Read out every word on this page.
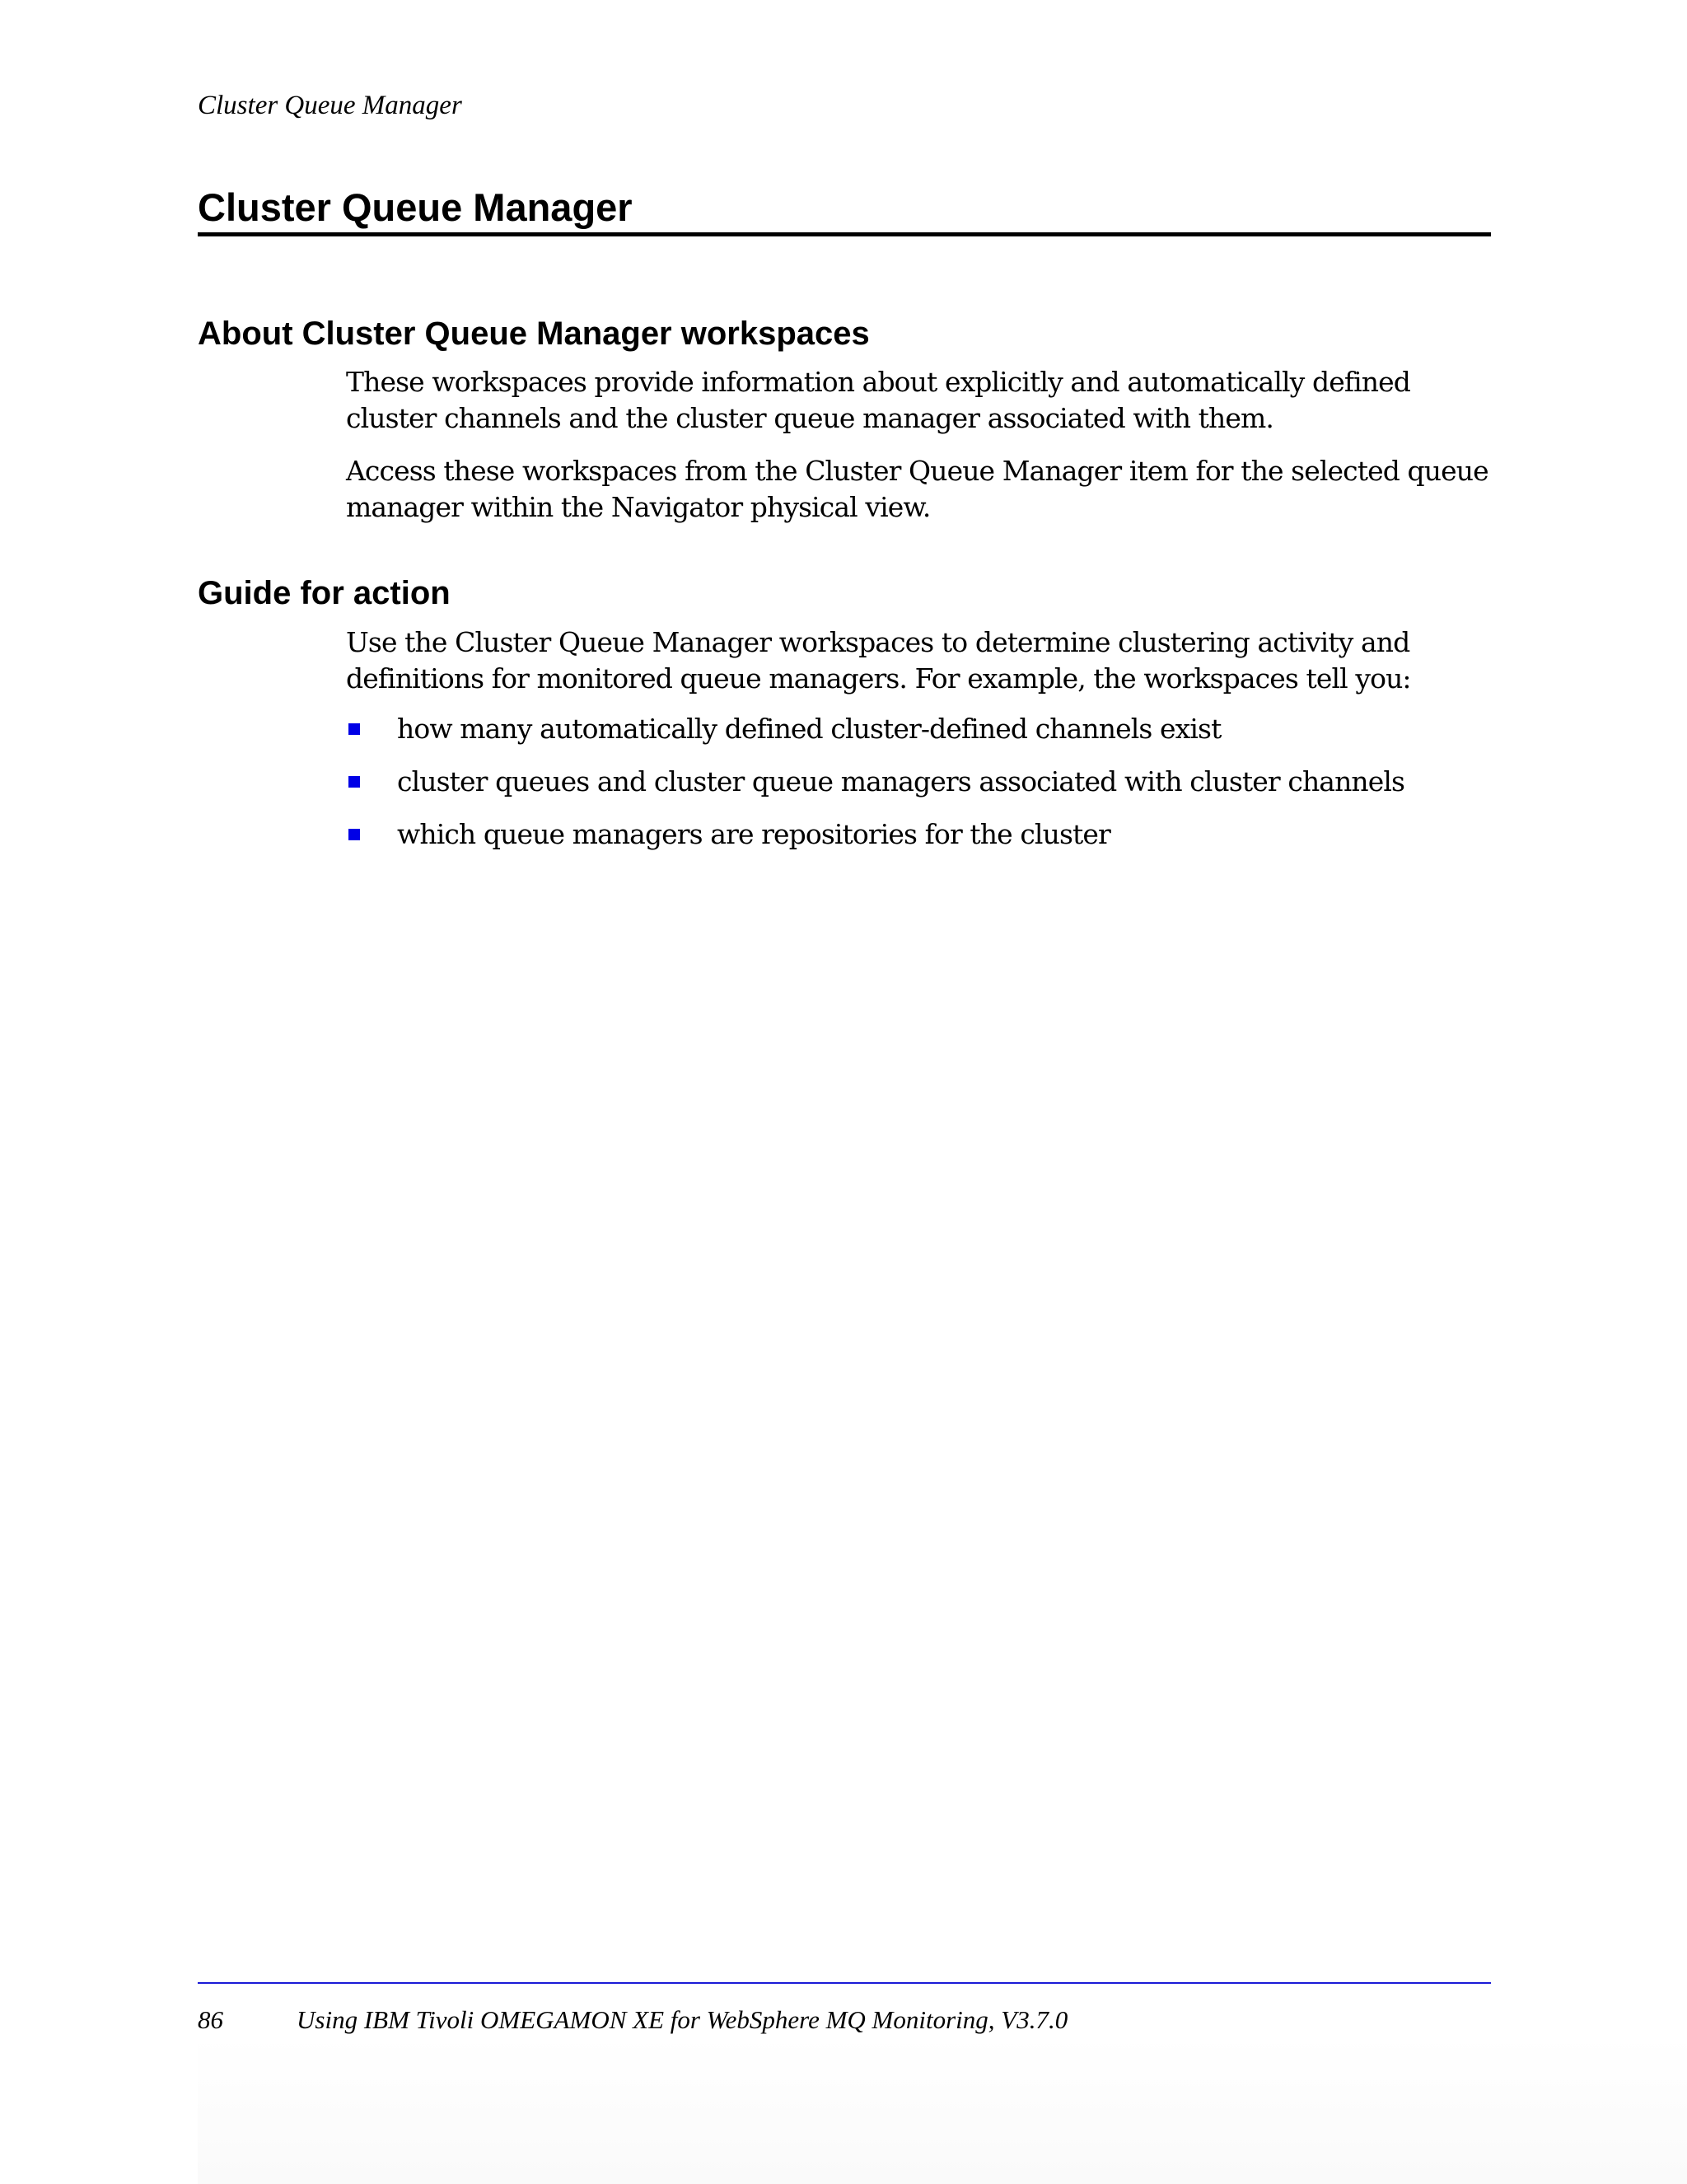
Cluster Queue Manager
Cluster Queue Manager
About Cluster Queue Manager workspaces

These workspaces provide information about explicitly and automatically defined cluster channels and the cluster queue manager associated with them.

Access these workspaces from the Cluster Queue Manager item for the selected queue manager within the Navigator physical view.

Guide for action

Use the Cluster Queue Manager workspaces to determine clustering activity and definitions for monitored queue managers. For example, the workspaces tell you:

how many automatically defined cluster-defined channels exist
cluster queues and cluster queue managers associated with cluster channels
which queue managers are repositories for the cluster
86	Using IBM Tivoli OMEGAMON XE for WebSphere MQ Monitoring, V3.7.0
